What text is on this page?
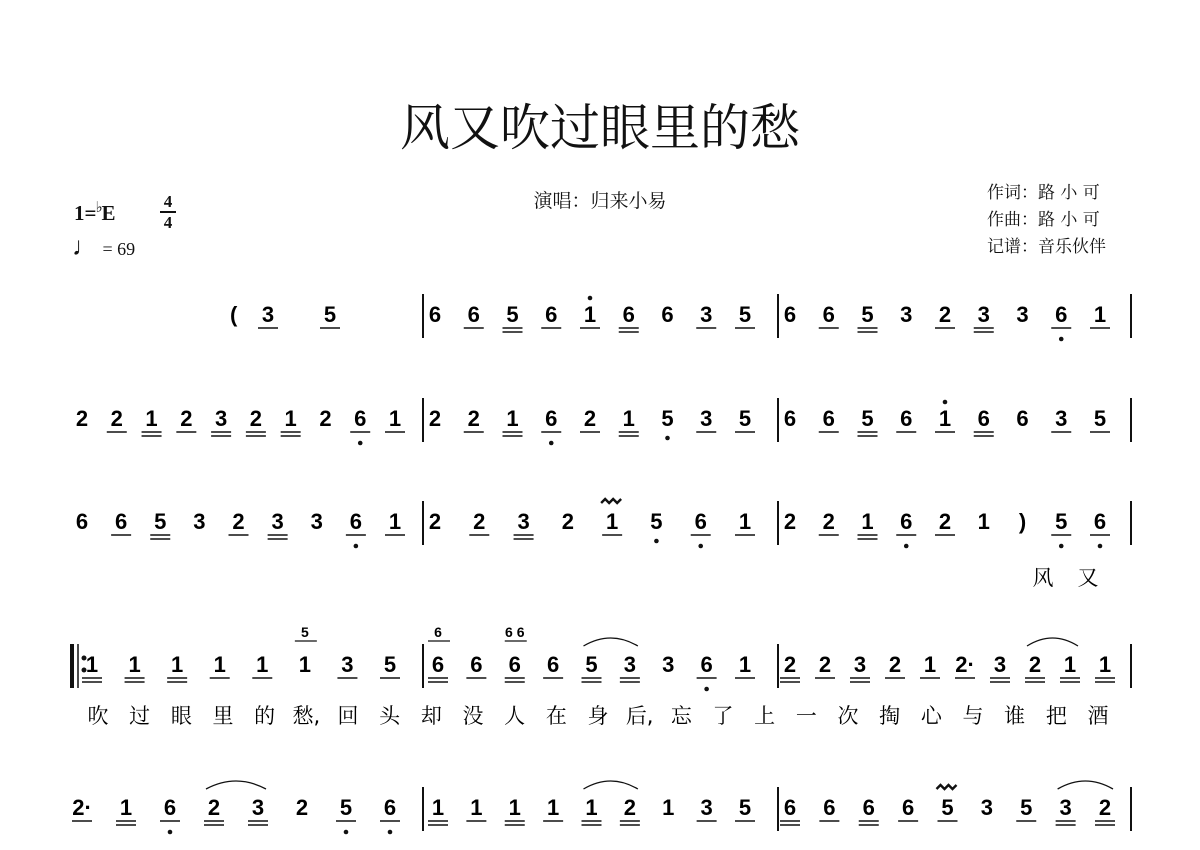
风又吹过眼里的愁
演唱：归来小易	作词：路 小 可
作曲：路 小 可
记谱：音乐伙伴
1=♭E	4
4
♩ = 69
( 3 5	6 6 5 6 1 6 6 3 5 6 6 5 3 2 3 3 6 1
2 2 1 2 3 2 1 2 6 1 2 2 1 6 2 1 5 3 5 6 6 5 6 1 6 6 3 5
6 6 5 3 2 3 3 6 1 2 2 3 2 1 5 6 1 2 2 1 6 2 1 ) 5 6
风 又
1 1 1 1 1 1
5
3 5 6
6
6 6
6 6
6 5 3 3 6 1 2 2 3 2 1 2· 3 2 1 1
吹 过 眼 里 的 愁, 回 头 却 没 人 在 身 后, 忘 了 上 一 次 掏 心 与 谁 把 酒
2· 1 6 2 3 2 5 6 1 1 1 1 1 2 1 3 5 6 6 6 6 5 3 5 3 2
